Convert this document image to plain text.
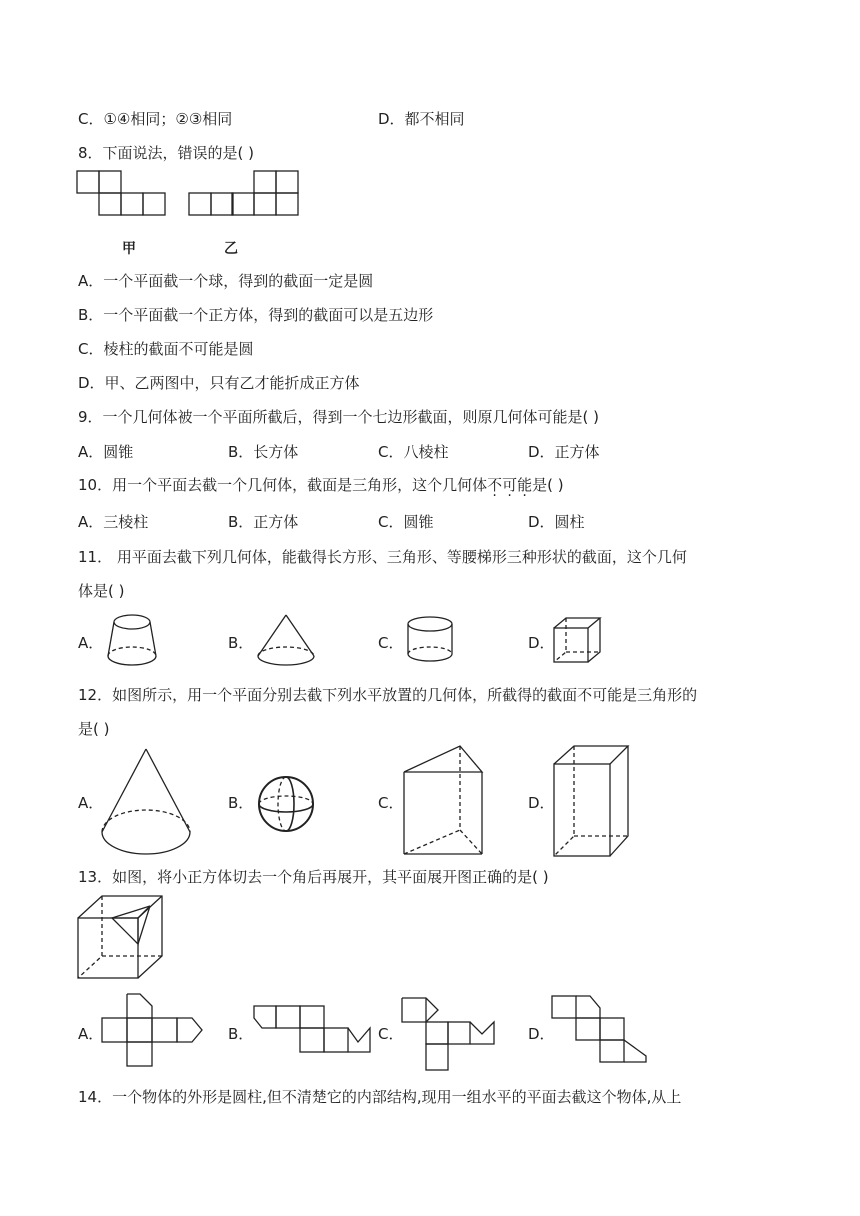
C．①④相同；②③相同	D．都不相同
8．下面说法，错误的是( )
甲	乙
A．一个平面截一个球，得到的截面一定是圆
B．一个平面截一个正方体，得到的截面可以是五边形
C．棱柱的截面不可能是圆
D．甲、乙两图中，只有乙才能折成正方体
9．一个几何体被一个平面所截后，得到一个七边形截面，则原几何体可能是( )
A．圆锥	B．长方体	C．八棱柱	D．正方体
10．用一个平面去截一个几何体，截面是三角形，这个几何体不可能是( )
A．三棱柱	B．正方体	C．圆锥	D．圆柱
11． 用平面去截下列几何体，能截得长方形、三角形、等腰梯形三种形状的截面，这个几何
体是( )
A．	B．	C．	D．
12．如图所示，用一个平面分别去截下列水平放置的几何体，所截得的截面不可能是三角形的
是( )
A．	B．	C．	D．
13．如图，将小正方体切去一个角后再展开，其平面展开图正确的是( )
A．	B．	C．	D．
14．一个物体的外形是圆柱,但不清楚它的内部结构,现用一组水平的平面去截这个物体,从上
